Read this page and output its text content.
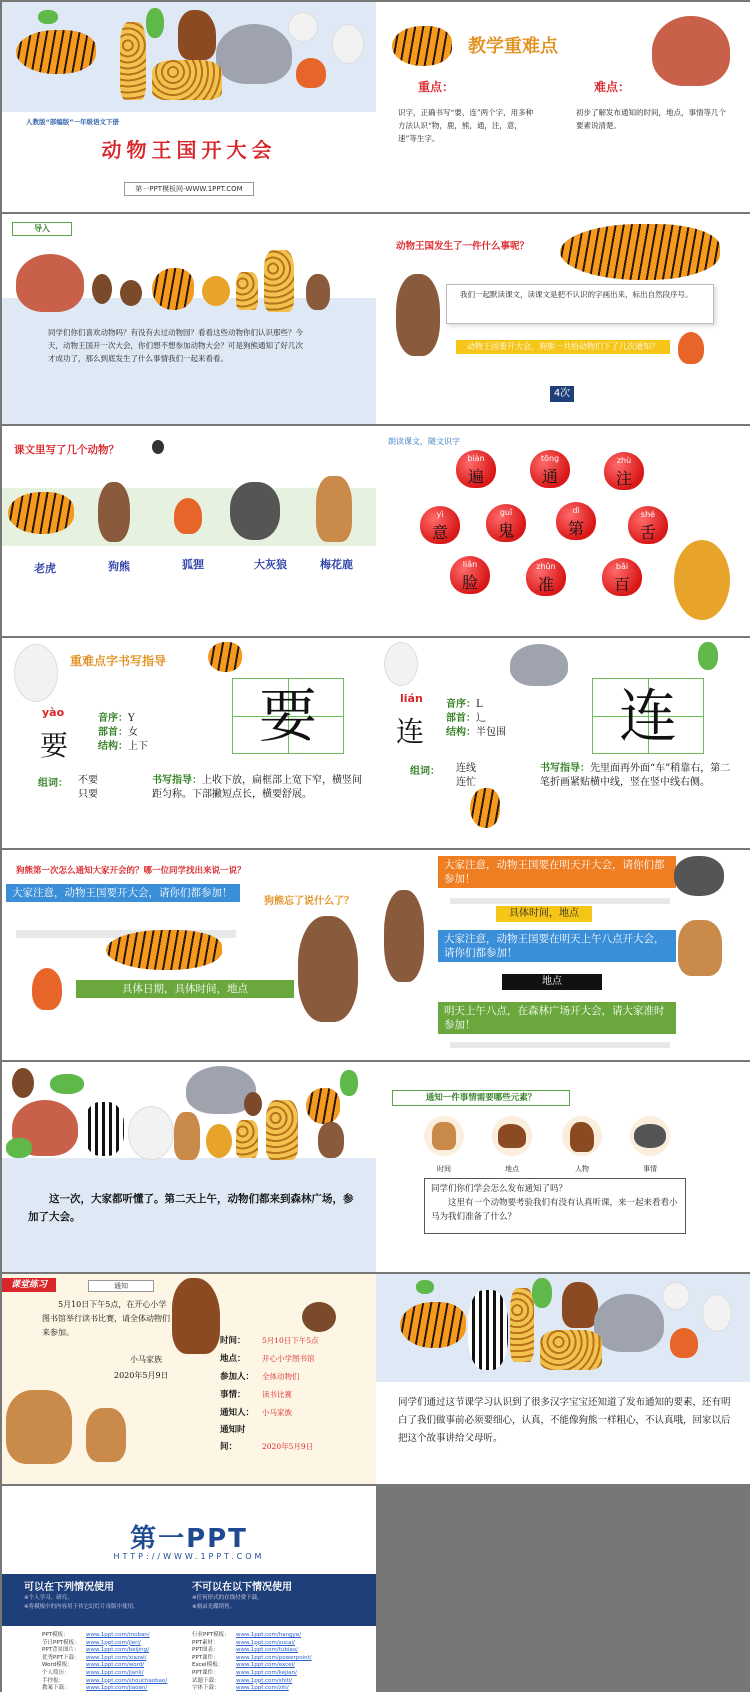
人教版“部编版”一年级语文下册
动物王国开大会
第一PPT模板网-WWW.1PPT.COM
教学重难点
重点：	难点：
识字，正确书写“要，连”两个字，用多种方法认识“物，鹿，熊，通，注，意，速”等生字。
初步了解发布通知的时间，地点，事情等几个要素说清楚。
导入
同学们你们喜欢动物吗？有没有去过动物园？看看这些动物你们认识那些？今天，动物王国开一次大会，你们想不想参加动物大会？可是狗熊通知了好几次才成功了，那么到底发生了什么事情我们一起来看看。
动物王国发生了一件什么事呢？
我们一起默读课文，读课文是把不认识的字画出来，标出自然段序号。
动物王国要开大会，狗熊一共给动物们下了几次通知？
4次
课文里写了几个动物？
老虎	狗熊	狐狸	大灰狼	梅花鹿
朗读课文，随文识字
biàn
遍
tōng
通
zhù
注
yì
意
guǐ
鬼
dì
第
shé
舌
liǎn
脸
zhǔn
准
bǎi
百
重难点字书写指导
yào
要
音序：Y
部首：女
结构：上下	要
组词： 不要
只要
书写指导：上收下放，扁框部上宽下窄，横竖间距匀称。下部撇短点长，横要舒展。
lián
连
音序：L
部首：辶
结构：半包围	连
组词： 连线
连忙
书写指导：先里面再外面“车”稍靠右，第二笔折画紧贴横中线，竖在竖中线右侧。
狗熊第一次怎么通知大家开会的？哪一位同学找出来说一说？
大家注意，动物王国要开大会，请你们都参加！
狗熊忘了说什么了？
具体日期，具体时间，地点
大家注意，动物王国要在明天开大会，请你们都参加！
具体时间，地点
大家注意，动物王国要在明天上午八点开大会，请你们都参加！
地点
明天上午八点，在森林广场开大会，请大家准时参加！
这一次，大家都听懂了。第二天上午，动物们都来到森林广场，参加了大会。
通知一件事情需要哪些元素？
时间	地点	人物	事情
同学们你们学会怎么发布通知了吗？
这里有一个动物要考验我们有没有认真听课，来一起来看看小马为我们准备了什么？
课堂练习	通知
5月10日下午5点，在开心小学图书馆举行读书比赛，请全体动物们来参加。
小马家族
2020年5月9日
时间： 5月10日下午5点
地点： 开心小学图书馆
参加人： 全体动物们
事情： 读书比赛
通知人： 小马家族
通知时间：	2020年5月9日
同学们通过这节课学习认识到了很多汉字宝宝还知道了发布通知的要素，还有明白了我们做事前必须要细心，认真，不能像狗熊一样粗心，不认真哦，回家以后把这个故事讲给父母听。
第一PPT
HTTP://WWW.1PPT.COM
可以在下列情况使用
※个人学习、研究。
※将模板中的内容用于其它幻灯片母版中使用。
不可以在以下情况使用
※任何形式的在线付费下载。
※刻录光碟销售。
PPT模板：	www.1ppt.com/moban/
节日PPT模板： www.1ppt.com/jieri/
PPT背景图片： www.1ppt.com/beijing/
优秀PPT下载： www.1ppt.com/xiazai/
Word模板： www.1ppt.com/word/
个人简历：	www.1ppt.com/jianli/
手抄报：	www.1ppt.com/shouchaobao/
教案下载：	www.1ppt.com/jiaoan/
行业PPT模板： www.1ppt.com/hangye/
PPT素材：	www.1ppt.com/sucai/
PPT图表：	www.1ppt.com/tubiao/
PPT课件：	www.1ppt.com/powerpoint/
Excel模板： www.1ppt.com/excel/
PPT课件：	www.1ppt.com/kejian/
试题下载：	www.1ppt.com/shiti/
字体下载：	www.1ppt.com/ziti/
